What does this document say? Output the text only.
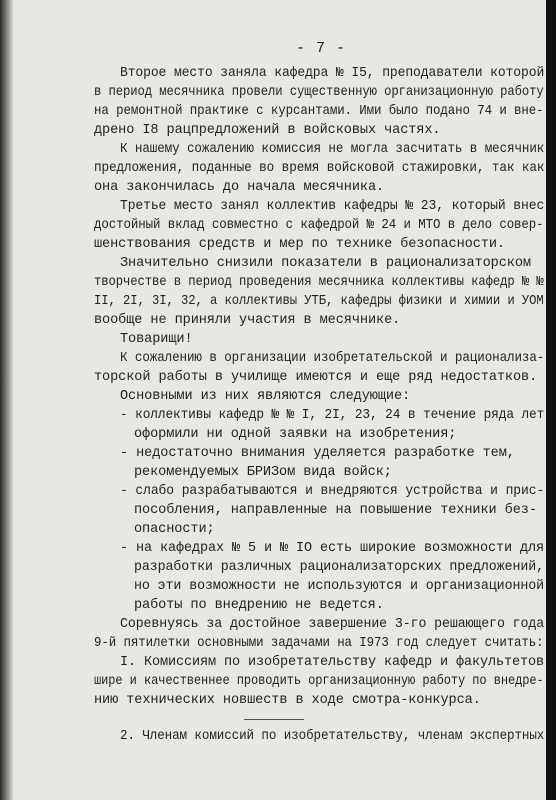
- 7 -
Второе место заняла кафедра № I5, преподаватели которой
в период месячника провели существенную организационную работу
на ремонтной практике с курсантами. Ими было подано 74 и вне-
дрено I8 рацпредложений в войсковых частях.
К нашему сожалению комиссия не могла засчитать в месячник
предложения, поданные во время войсковой стажировки, так как
она закончилась до начала месячника.
Третье место занял коллектив кафедры № 23, который внес
достойный вклад совместно с кафедрой № 24 и МТО в дело совер-
шенствования средств и мер по технике безопасности.
Значительно снизили показатели в рационализаторском
творчестве в период проведения месячника коллективы кафедр № №
II, 2I, 3I, 32, а коллективы УТБ, кафедры физики и химии и УОМ
вообще не приняли участия в месячнике.
Товарищи!
К сожалению в организации изобретательской и рационализа-
торской работы в училище имеются и еще ряд недостатков.
Основными из них являются следующие:
- коллективы кафедр № № I, 2I, 23, 24 в течение ряда лет
оформили ни одной заявки на изобретения;
- недостаточно внимания уделяется разработке тем,
рекомендуемых БРИЗом вида войск;
- слабо разрабатываются и внедряются устройства и прис-
пособления, направленные на повышение техники без-
опасности;
- на кафедрах № 5 и № IO есть широкие возможности для
разработки различных рационализаторских предложений,
но эти возможности не используются и организационной
работы по внедрению не ведется.
Соревнуясь за достойное завершение 3-го решающего года
9-й пятилетки основными задачами на I973 год следует считать:
I. Комиссиям по изобретательству кафедр и факультетов
шире и качественнее проводить организационную работу по внедре-
нию технических новшеств в ходе смотра-конкурса.
2. Членам комиссий по изобретательству, членам экспертных
